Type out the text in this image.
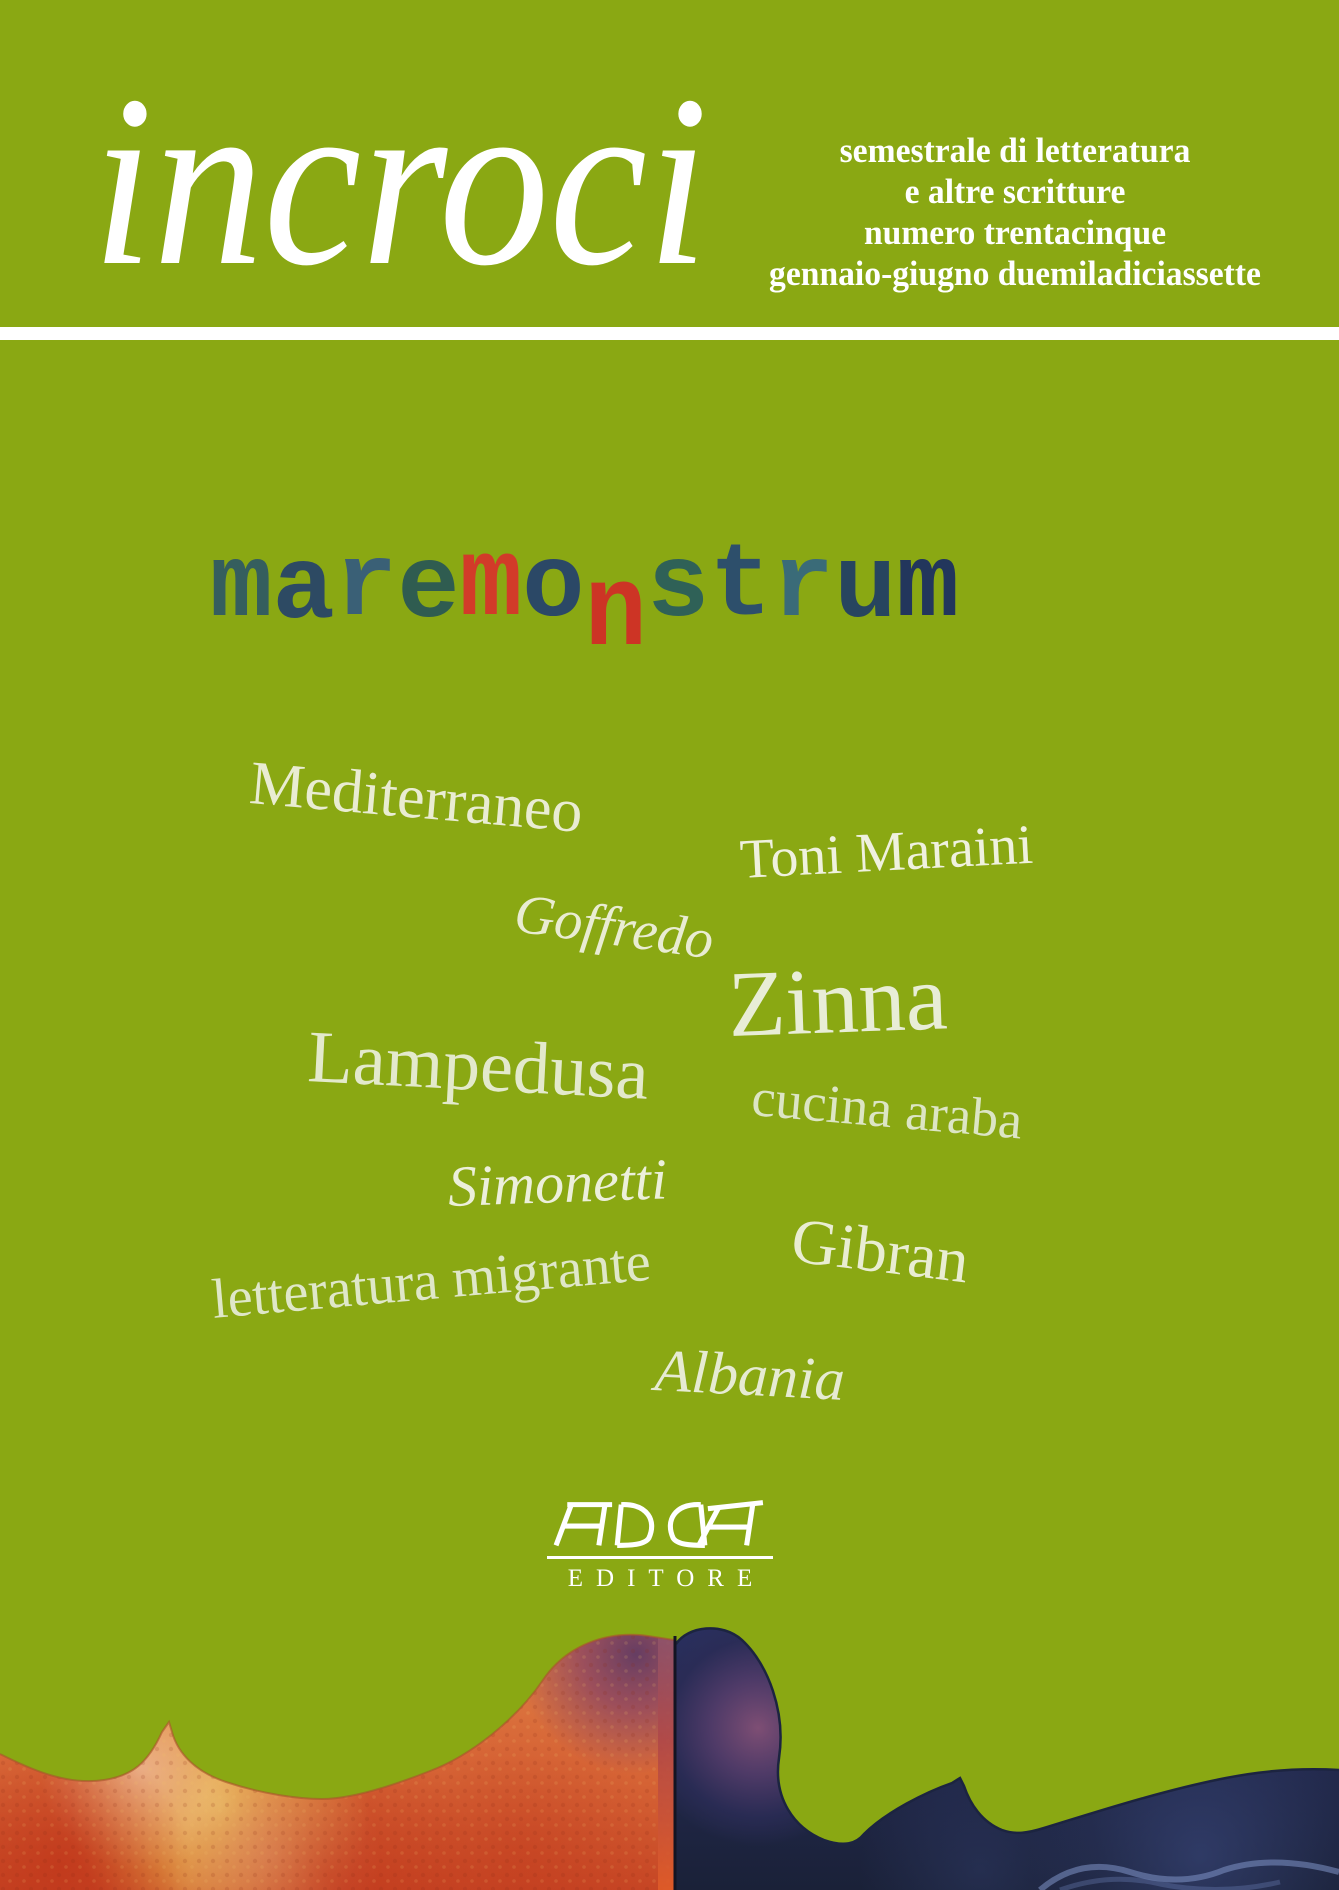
incroci	semestrale di letteratura
e altre scritture
numero trentacinque
gennaio-giugno duemiladiciassette
maremonstrum
EDITORE
Mediterraneo
Toni Maraini
Goffredo
Zinna
Lampedusa cucina araba
Simonetti
Gibran
letteratura migrante
Albania
